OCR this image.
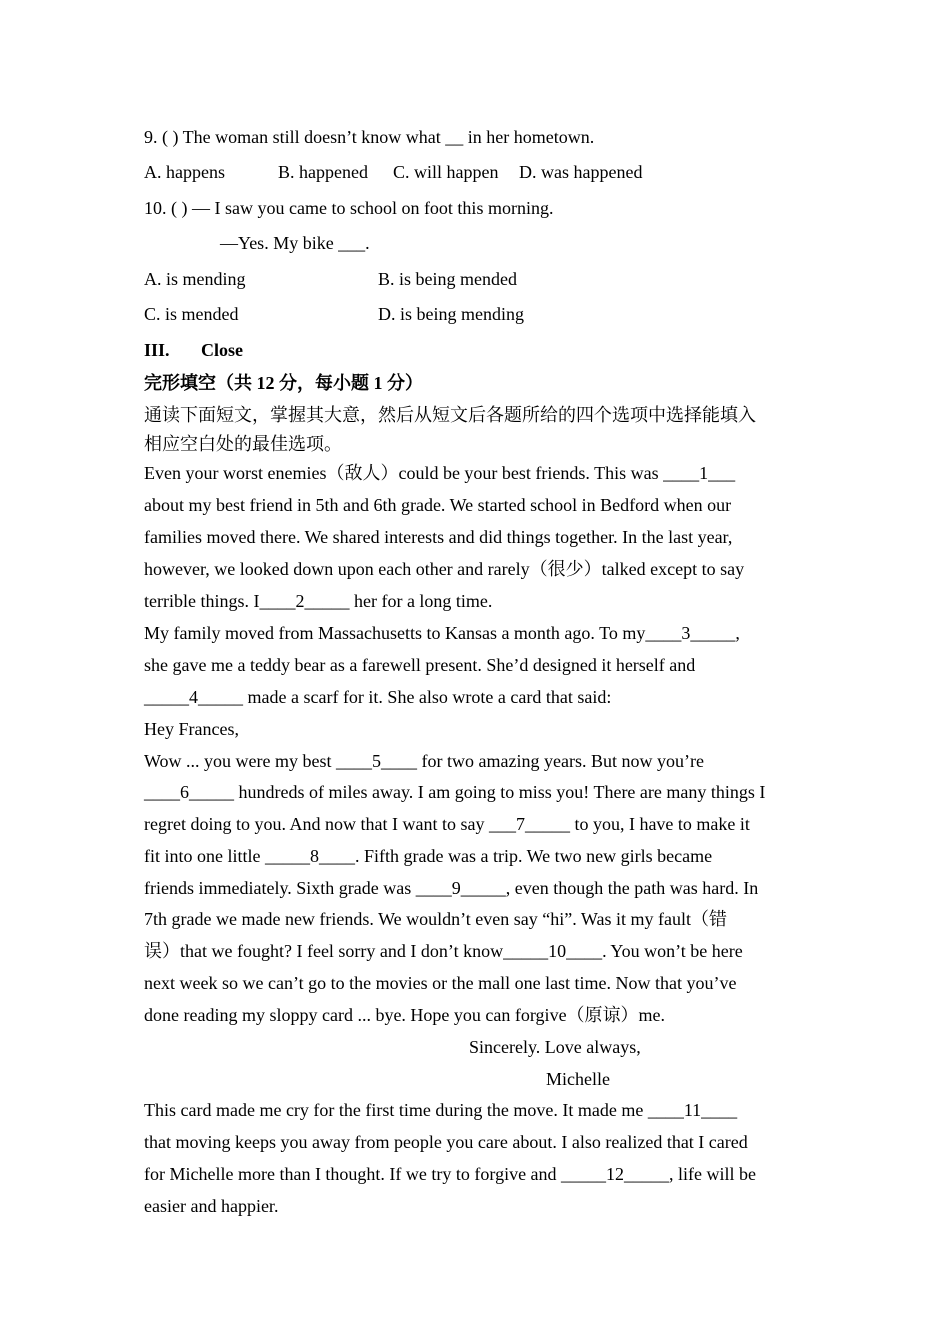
9. ( ) The woman still doesn’t know what __ in her hometown.

A. happens	B. happened C. will happen D. was happened

10. ( ) — I saw you came to school on foot this morning.

—Yes. My bike ___.

A. is mending	B. is being mended
C. is mended	D. is being mending

III. Close

完形填空（共 12 分，每小题 1 分）

通读下面短文，掌握其大意，然后从短文后各题所给的四个选项中选择能填入

相应空白处的最佳选项。

Even your worst enemies（敌人）could be your best friends. This was ____1___

about my best friend in 5th and 6th grade. We started school in Bedford when our

families moved there. We shared interests and did things together. In the last year,

however, we looked down upon each other and rarely（很少）talked except to say

terrible things. I____2_____ her for a long time.

My family moved from Massachusetts to Kansas a month ago. To my____3_____,

she gave me a teddy bear as a farewell present. She’d designed it herself and

_____4_____ made a scarf for it. She also wrote a card that said:

Hey Frances,

Wow ... you were my best ____5____ for two amazing years. But now you’re

____6_____ hundreds of miles away. I am going to miss you! There are many things I

regret doing to you. And now that I want to say ___7_____ to you, I have to make it

fit into one little _____8____. Fifth grade was a trip. We two new girls became

friends immediately. Sixth grade was ____9_____, even though the path was hard. In

7th grade we made new friends. We wouldn’t even say “hi”. Was it my fault（错

误）that we fought? I feel sorry and I don’t know_____10____. You won’t be here

next week so we can’t go to the movies or the mall one last time. Now that you’ve

done reading my sloppy card ... bye. Hope you can forgive（原谅）me.

Sincerely. Love always,

Michelle

This card made me cry for the first time during the move. It made me ____11____

that moving keeps you away from people you care about. I also realized that I cared

for Michelle more than I thought. If we try to forgive and _____12_____, life will be

easier and happier.
